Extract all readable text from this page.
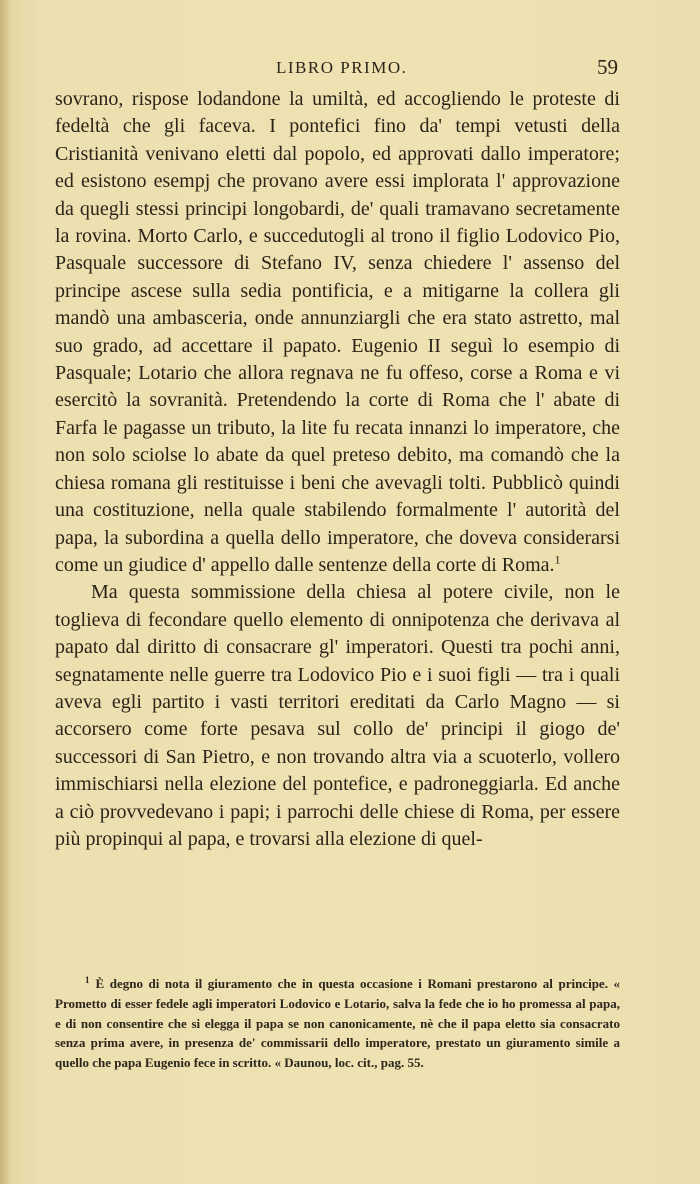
LIBRO PRIMO.	59

sovrano, rispose lodandone la umiltà, ed accogliendo le proteste di fedeltà che gli faceva. I pontefici fino da' tempi vetusti della Cristianità venivano eletti dal popolo, ed approvati dallo imperatore; ed esistono esempj che provano avere essi implorata l' approvazione da quegli stessi principi longobardi, de' quali tramavano secretamente la rovina. Morto Carlo, e succedutogli al trono il figlio Lodovico Pio, Pasquale successore di Stefano IV, senza chiedere l' assenso del principe ascese sulla sedia pontificia, e a mitigarne la collera gli mandò una ambasceria, onde annunziargli che era stato astretto, mal suo grado, ad accettare il papato. Eugenio II seguì lo esempio di Pasquale; Lotario che allora regnava ne fu offeso, corse a Roma e vi esercitò la sovranità. Pretendendo la corte di Roma che l' abate di Farfa le pagasse un tributo, la lite fu recata innanzi lo imperatore, che non solo sciolse lo abate da quel preteso debito, ma comandò che la chiesa romana gli restituisse i beni che avevagli tolti. Pubblicò quindi una costituzione, nella quale stabilendo formalmente l' autorità del papa, la subordina a quella dello imperatore, che doveva considerarsi come un giudice d' appello dalle sentenze della corte di Roma.$^1$

Ma questa sommissione della chiesa al potere civile, non le toglieva di fecondare quello elemento di onnipotenza che derivava al papato dal diritto di consacrare gl' imperatori. Questi tra pochi anni, segnatamente nelle guerre tra Lodovico Pio e i suoi figli — tra i quali aveva egli partito i vasti territori ereditati da Carlo Magno — si accorsero come forte pesava sul collo de' principi il giogo de' successori di San Pietro, e non trovando altra via a scuoterlo, vollero immischiarsi nella elezione del pontefice, e padroneggiarla. Ed anche a ciò provvedevano i papi; i parrochi delle chiese di Roma, per essere più propinqui al papa, e trovarsi alla elezione di quel-

$^1$ È degno di nota il giuramento che in questa occasione i Romani prestarono al principe. « Prometto di esser fedele agli imperatori Lodovico e Lotario, salva la fede che io ho promessa al papa, e di non consentire che si elegga il papa se non canonicamente, nè che il papa eletto sia consacrato senza prima avere, in presenza de' commissarii dello imperatore, prestato un giuramento simile a quello che papa Eugenio fece in scritto. « Daunou, loc. cit., pag. 55.
